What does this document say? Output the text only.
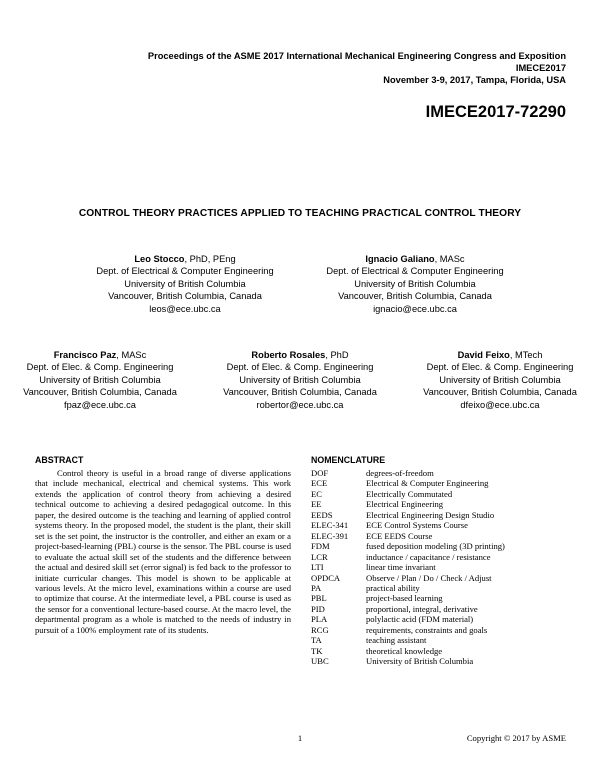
Proceedings of the ASME 2017 International Mechanical Engineering Congress and Exposition
IMECE2017
November 3-9, 2017, Tampa, Florida, USA
IMECE2017-72290
CONTROL THEORY PRACTICES APPLIED TO TEACHING PRACTICAL CONTROL THEORY
Leo Stocco, PhD, PEng
Dept. of Electrical & Computer Engineering
University of British Columbia
Vancouver, British Columbia, Canada
leos@ece.ubc.ca
Ignacio Galiano, MASc
Dept. of Electrical & Computer Engineering
University of British Columbia
Vancouver, British Columbia, Canada
ignacio@ece.ubc.ca
Francisco Paz, MASc
Dept. of Elec. & Comp. Engineering
University of British Columbia
Vancouver, British Columbia, Canada
fpaz@ece.ubc.ca
Roberto Rosales, PhD
Dept. of Elec. & Comp. Engineering
University of British Columbia
Vancouver, British Columbia, Canada
robertor@ece.ubc.ca
David Feixo, MTech
Dept. of Elec. & Comp. Engineering
University of British Columbia
Vancouver, British Columbia, Canada
dfeixo@ece.ubc.ca
ABSTRACT

Control theory is useful in a broad range of diverse applications that include mechanical, electrical and chemical systems. This work extends the application of control theory from achieving a desired technical outcome to achieving a desired pedagogical outcome. In this paper, the desired outcome is the teaching and learning of applied control systems theory. In the proposed model, the student is the plant, their skill set is the set point, the instructor is the controller, and either an exam or a project-based-learning (PBL) course is the sensor. The PBL course is used to evaluate the actual skill set of the students and the difference between the actual and desired skill set (error signal) is fed back to the professor to initiate curricular changes. This model is shown to be applicable at various levels. At the micro level, examinations within a course are used to optimize that course. At the intermediate level, a PBL course is used as the sensor for a conventional lecture-based course. At the macro level, the departmental program as a whole is matched to the needs of industry in pursuit of a 100% employment rate of its students.

NOMENCLATURE
DOF	degrees-of-freedom
ECE	Electrical & Computer Engineering
EC	Electrically Commutated
EE	Electrical Engineering
EEDS	Electrical Engineering Design Studio
ELEC-341	ECE Control Systems Course
ELEC-391	ECE EEDS Course
FDM	fused deposition modeling (3D printing)
LCR	inductance / capacitance / resistance
LTI	linear time invariant
OPDCA	Observe / Plan / Do / Check / Adjust
PA	practical ability
PBL	project-based learning
PID	proportional, integral, derivative
PLA	polylactic acid (FDM material)
RCG	requirements, constraints and goals
TA	teaching assistant
TK	theoretical knowledge
UBC	University of British Columbia
1	Copyright © 2017 by ASME
